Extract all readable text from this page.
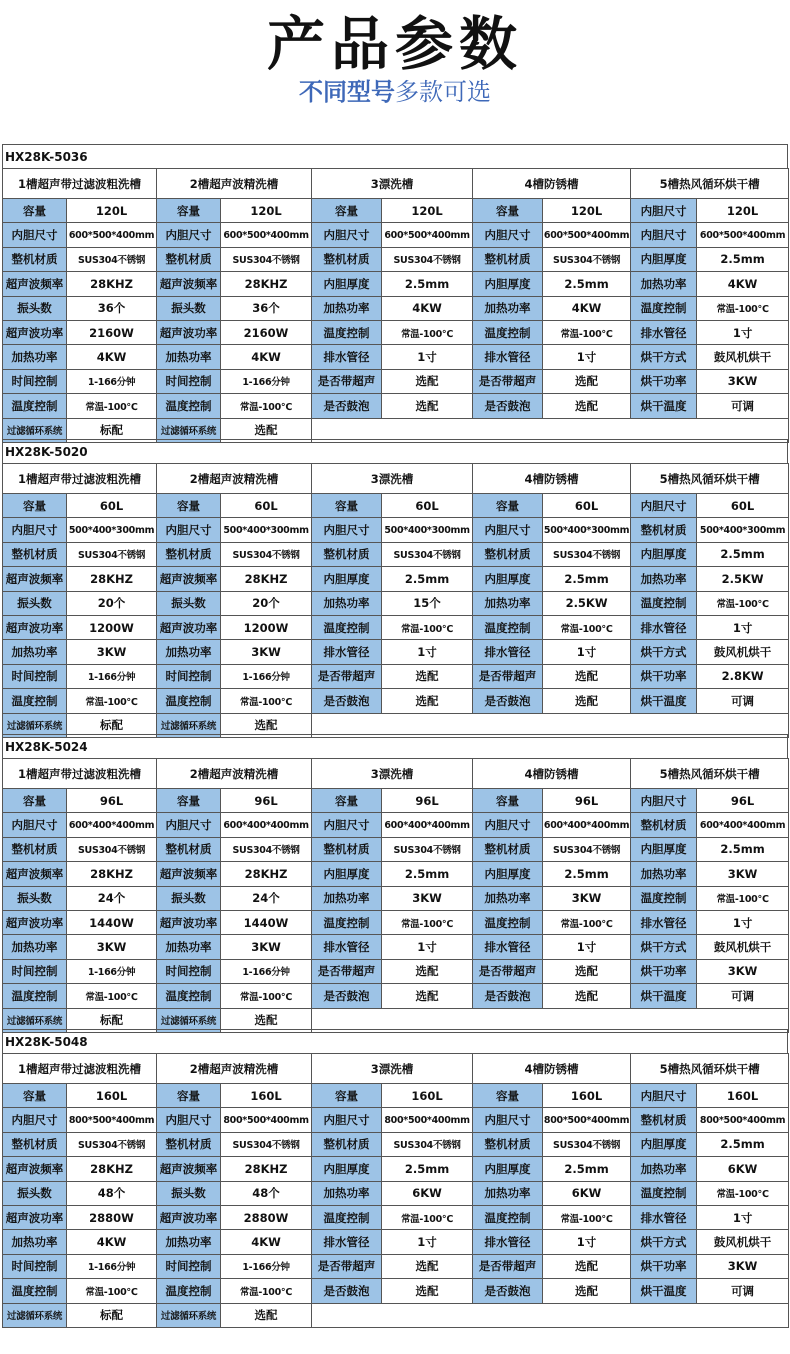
产品参数
不同型号多款可选
HX28K-5036
1槽超声带过滤波粗洗槽		2槽超声波精洗槽		3漂洗槽		4槽防锈槽		5槽热风循环烘干槽	
容量	120L	容量	120L	容量	120L	容量	120L	内胆尺寸	120L
内胆尺寸	600*500*400mm	内胆尺寸	600*500*400mm	内胆尺寸	600*500*400mm	内胆尺寸	600*500*400mm	内胆尺寸	600*500*400mm
整机材质	SUS304不锈钢	整机材质	SUS304不锈钢	整机材质	SUS304不锈钢	整机材质	SUS304不锈钢	内胆厚度	2.5mm
超声波频率	28KHZ	超声波频率	28KHZ	内胆厚度	2.5mm	内胆厚度	2.5mm	加热功率	4KW
振头数	36个	振头数	36个	加热功率	4KW	加热功率	4KW	温度控制	常温-100℃
超声波功率	2160W	超声波功率	2160W	温度控制	常温-100℃	温度控制	常温-100℃	排水管径	1寸
加热功率	4KW	加热功率	4KW	排水管径	1寸	排水管径	1寸	烘干方式	鼓风机烘干
时间控制	1-166分钟	时间控制	1-166分钟	是否带超声	选配	是否带超声	选配	烘干功率	3KW
温度控制	常温-100℃	温度控制	常温-100℃	是否鼓泡	选配	是否鼓泡	选配	烘干温度	可调
过滤循环系统	标配	过滤循环系统	选配						
HX28K-5020
1槽超声带过滤波粗洗槽		2槽超声波精洗槽		3漂洗槽		4槽防锈槽		5槽热风循环烘干槽	
容量	60L	容量	60L	容量	60L	容量	60L	内胆尺寸	60L
内胆尺寸	500*400*300mm	内胆尺寸	500*400*300mm	内胆尺寸	500*400*300mm	内胆尺寸	500*400*300mm	整机材质	500*400*300mm
整机材质	SUS304不锈钢	整机材质	SUS304不锈钢	整机材质	SUS304不锈钢	整机材质	SUS304不锈钢	内胆厚度	2.5mm
超声波频率	28KHZ	超声波频率	28KHZ	内胆厚度	2.5mm	内胆厚度	2.5mm	加热功率	2.5KW
振头数	20个	振头数	20个	加热功率	15个	加热功率	2.5KW	温度控制	常温-100℃
超声波功率	1200W	超声波功率	1200W	温度控制	常温-100℃	温度控制	常温-100℃	排水管径	1寸
加热功率	3KW	加热功率	3KW	排水管径	1寸	排水管径	1寸	烘干方式	鼓风机烘干
时间控制	1-166分钟	时间控制	1-166分钟	是否带超声	选配	是否带超声	选配	烘干功率	2.8KW
温度控制	常温-100℃	温度控制	常温-100℃	是否鼓泡	选配	是否鼓泡	选配	烘干温度	可调
过滤循环系统	标配	过滤循环系统	选配						
HX28K-5024
1槽超声带过滤波粗洗槽		2槽超声波精洗槽		3漂洗槽		4槽防锈槽		5槽热风循环烘干槽	
容量	96L	容量	96L	容量	96L	容量	96L	内胆尺寸	96L
内胆尺寸	600*400*400mm	内胆尺寸	600*400*400mm	内胆尺寸	600*400*400mm	内胆尺寸	600*400*400mm	整机材质	600*400*400mm
整机材质	SUS304不锈钢	整机材质	SUS304不锈钢	整机材质	SUS304不锈钢	整机材质	SUS304不锈钢	内胆厚度	2.5mm
超声波频率	28KHZ	超声波频率	28KHZ	内胆厚度	2.5mm	内胆厚度	2.5mm	加热功率	3KW
振头数	24个	振头数	24个	加热功率	3KW	加热功率	3KW	温度控制	常温-100℃
超声波功率	1440W	超声波功率	1440W	温度控制	常温-100℃	温度控制	常温-100℃	排水管径	1寸
加热功率	3KW	加热功率	3KW	排水管径	1寸	排水管径	1寸	烘干方式	鼓风机烘干
时间控制	1-166分钟	时间控制	1-166分钟	是否带超声	选配	是否带超声	选配	烘干功率	3KW
温度控制	常温-100℃	温度控制	常温-100℃	是否鼓泡	选配	是否鼓泡	选配	烘干温度	可调
过滤循环系统	标配	过滤循环系统	选配						
HX28K-5048
1槽超声带过滤波粗洗槽		2槽超声波精洗槽		3漂洗槽		4槽防锈槽		5槽热风循环烘干槽	
容量	160L	容量	160L	容量	160L	容量	160L	内胆尺寸	160L
内胆尺寸	800*500*400mm	内胆尺寸	800*500*400mm	内胆尺寸	800*500*400mm	内胆尺寸	800*500*400mm	整机材质	800*500*400mm
整机材质	SUS304不锈钢	整机材质	SUS304不锈钢	整机材质	SUS304不锈钢	整机材质	SUS304不锈钢	内胆厚度	2.5mm
超声波频率	28KHZ	超声波频率	28KHZ	内胆厚度	2.5mm	内胆厚度	2.5mm	加热功率	6KW
振头数	48个	振头数	48个	加热功率	6KW	加热功率	6KW	温度控制	常温-100℃
超声波功率	2880W	超声波功率	2880W	温度控制	常温-100℃	温度控制	常温-100℃	排水管径	1寸
加热功率	4KW	加热功率	4KW	排水管径	1寸	排水管径	1寸	烘干方式	鼓风机烘干
时间控制	1-166分钟	时间控制	1-166分钟	是否带超声	选配	是否带超声	选配	烘干功率	3KW
温度控制	常温-100℃	温度控制	常温-100℃	是否鼓泡	选配	是否鼓泡	选配	烘干温度	可调
过滤循环系统	标配	过滤循环系统	选配						
